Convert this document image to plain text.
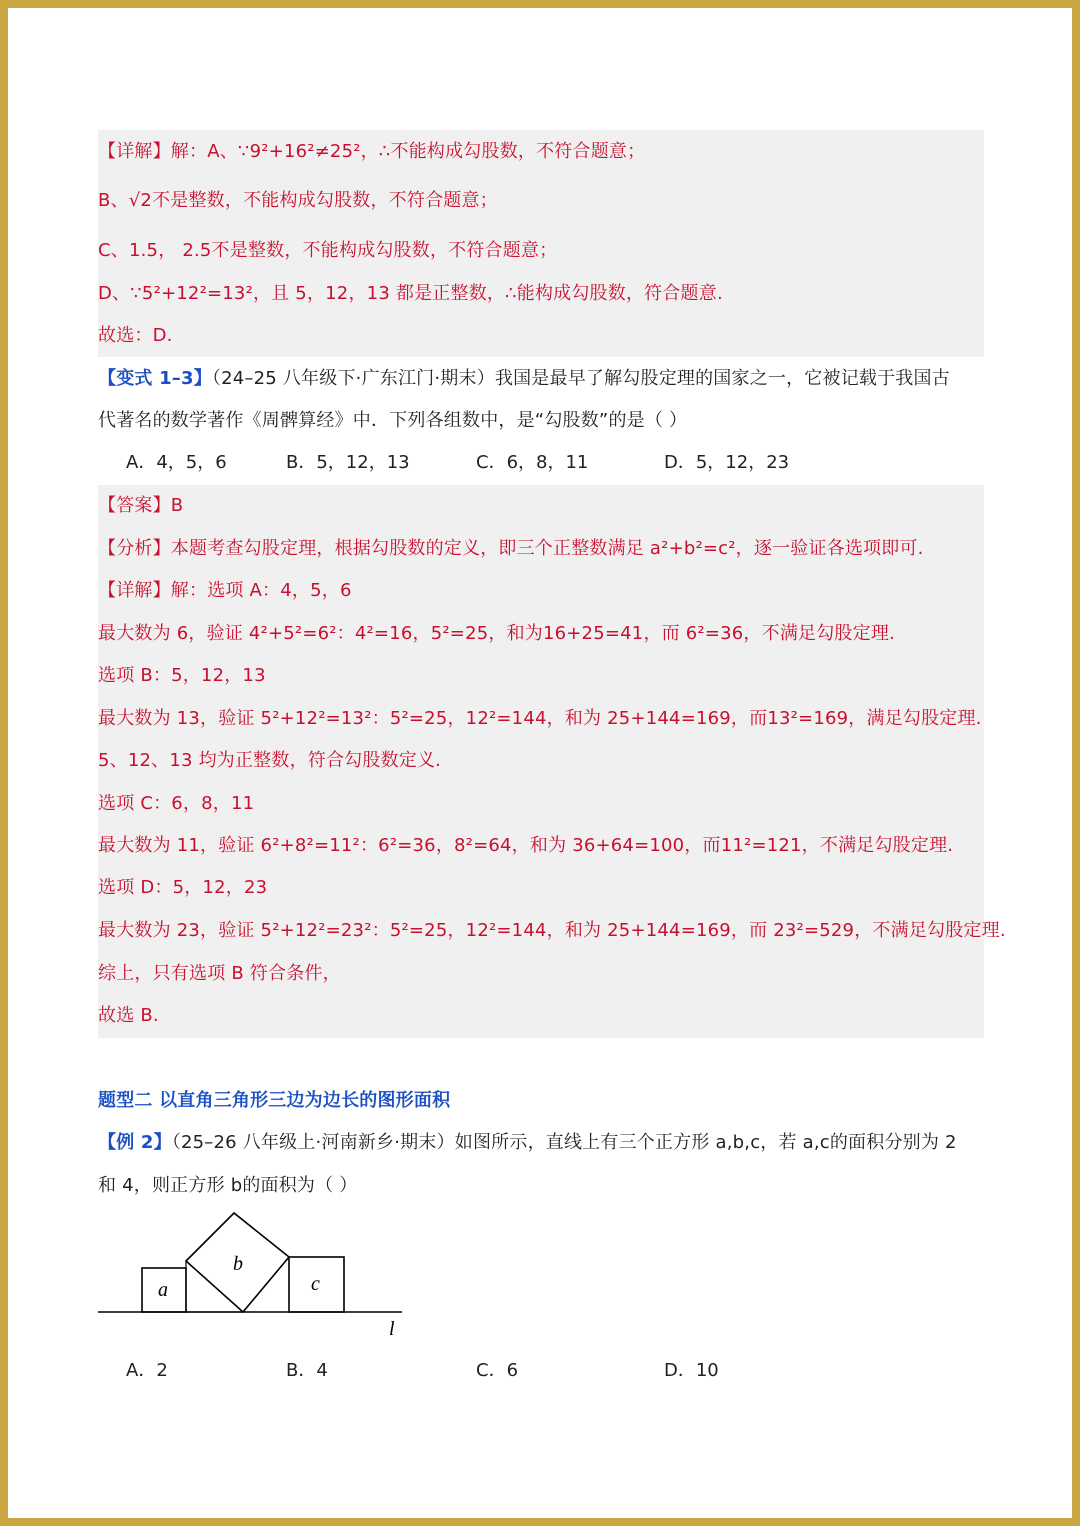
【详解】解：A、∵9²+16²≠25²，∴不能构成勾股数，不符合题意；
B、√2不是整数，不能构成勾股数，不符合题意；
C、1.5， 2.5不是整数，不能构成勾股数，不符合题意；
D、∵5²+12²=13²，且 5，12，13 都是正整数，∴能构成勾股数，符合题意.
故选：D.
【变式 1–3】（24–25 八年级下·广东江门·期末）我国是最早了解勾股定理的国家之一，它被记载于我国古
代著名的数学著作《周髀算经》中．下列各组数中，是“勾股数”的是（ ）
A．4，5，6	B．5，12，13	C．6，8，11	D．5，12，23
【答案】B
【分析】本题考查勾股定理，根据勾股数的定义，即三个正整数满足 a²+b²=c²，逐一验证各选项即可.
【详解】解：选项 A：4，5，6
最大数为 6，验证 4²+5²=6²：4²=16，5²=25，和为16+25=41，而 6²=36，不满足勾股定理.
选项 B：5，12，13
最大数为 13，验证 5²+12²=13²：5²=25，12²=144，和为 25+144=169，而13²=169，满足勾股定理.
5、12、13 均为正整数，符合勾股数定义.
选项 C：6，8，11
最大数为 11，验证 6²+8²=11²：6²=36，8²=64，和为 36+64=100，而11²=121，不满足勾股定理.
选项 D：5，12，23
最大数为 23，验证 5²+12²=23²：5²=25，12²=144，和为 25+144=169，而 23²=529，不满足勾股定理.
综上，只有选项 B 符合条件，
故选 B.
题型二 以直角三角形三边为边长的图形面积
【例 2】（25–26 八年级上·河南新乡·期末）如图所示，直线上有三个正方形 a,b,c，若 a,c的面积分别为 2
和 4，则正方形 b的面积为（ ）
a
b
c
l
A．2	B．4	C．6	D．10
